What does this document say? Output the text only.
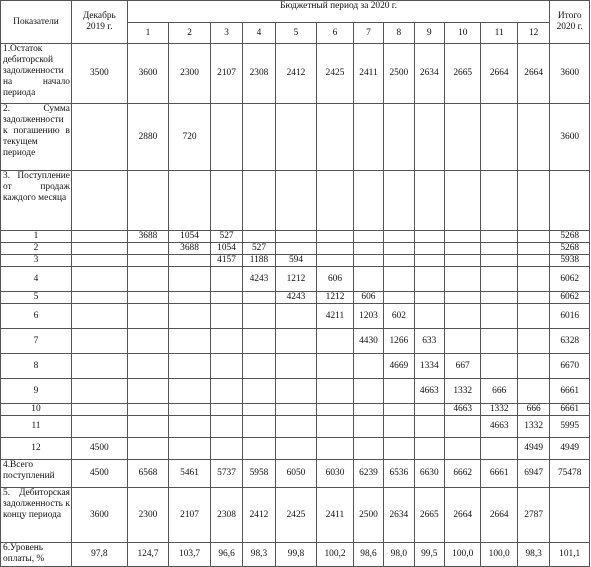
Показатели	Декабрь 2019 г.	Бюджетный период за 2020 г.												Итого 2020 г.
		1	2	3	4	5	6	7	8	9	10	11	12	
1.Остаток дебиторской задолженности на начало периода	3500	3600	2300	2107	2308	2412	2425	2411	2500	2634	2665	2664	2664	3600
2. Сумма задолженности к погашению в текущем периоде		2880	720											3600
3. Поступление от продаж каждого месяца														
1		3688	1054	527										5268
2			3688	1054	527									5268
3				4157	1188	594								5938
4					4243	1212	606							6062
5						4243	1212	606						6062
6							4211	1203	602					6016
7								4430	1266	633				6328
8									4669	1334	667			6670
9										4663	1332	666		6661
10											4663	1332	666	6661
11												4663	1332	5995
12	4500												4949	4949
4.Всего поступлений	4500	6568	5461	5737	5958	6050	6030	6239	6536	6630	6662	6661	6947	75478
5. Дебиторская задолженность к концу периода	3600	2300	2107	2308	2412	2425	2411	2500	2634	2665	2664	2664	2787	
6.Уровень оплаты, %	97,8	124,7	103,7	96,6	98,3	99,8	100,2	98,6	98,0	99,5	100,0	100,0	98,3	101,1
